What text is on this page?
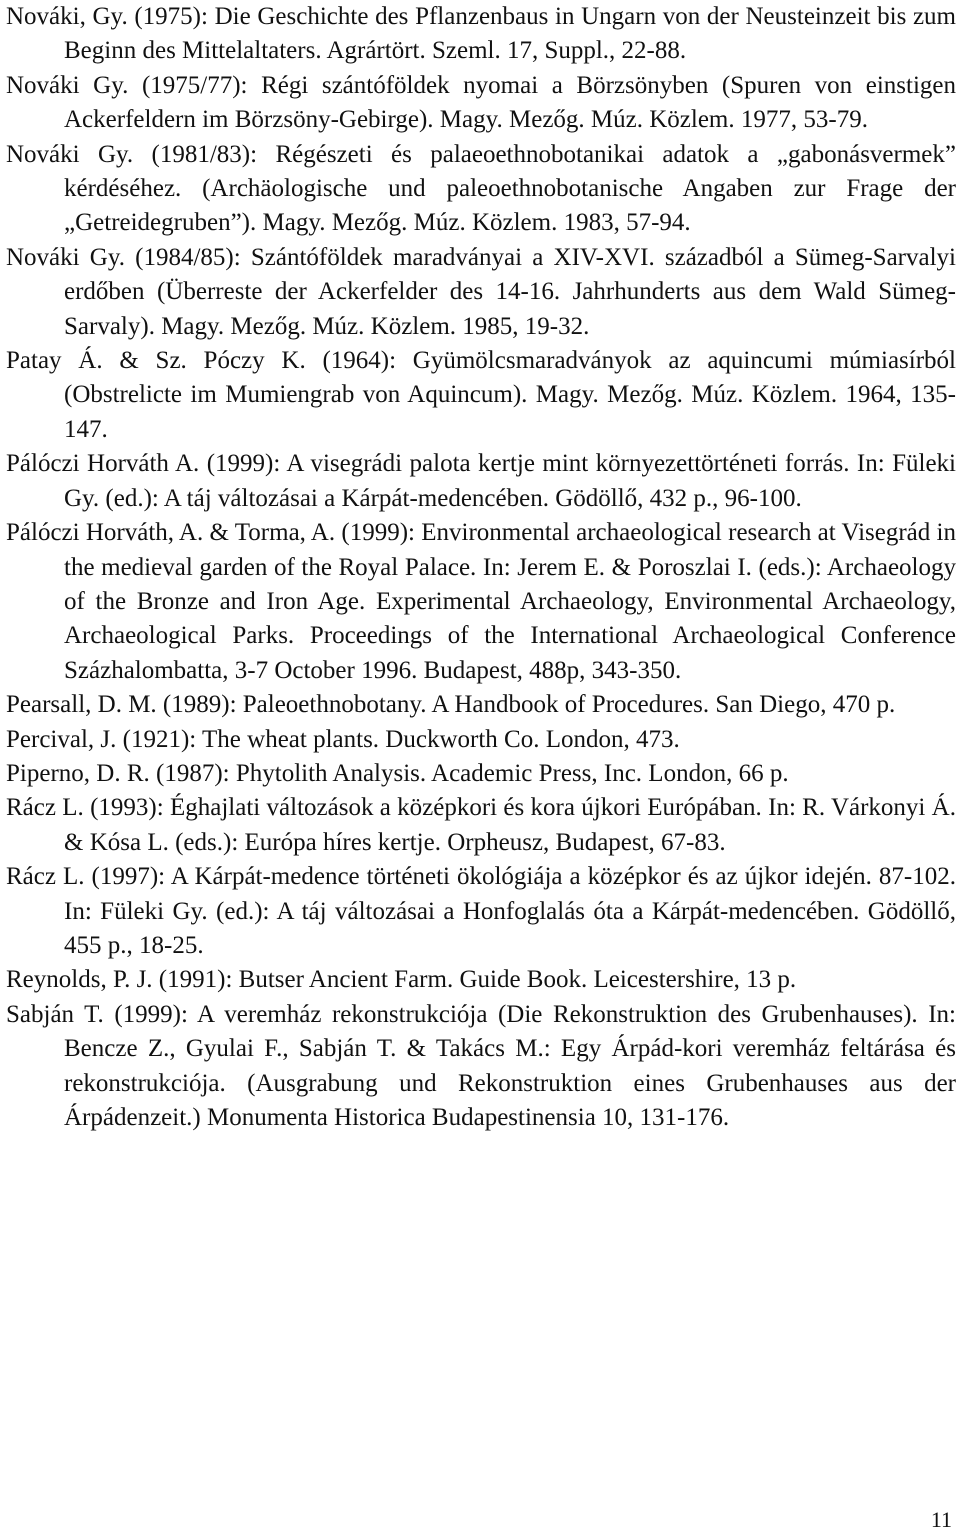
Nováki, Gy. (1975): Die Geschichte des Pflanzenbaus in Ungarn von der Neusteinzeit bis zum Beginn des Mittelaltaters. Agrártört. Szeml. 17, Suppl., 22-88.

Nováki Gy. (1975/77): Régi szántóföldek nyomai a Börzsönyben (Spuren von einstigen Ackerfeldern im Börzsöny-Gebirge). Magy. Mezőg. Múz. Közlem. 1977, 53-79.

Nováki Gy. (1981/83): Régészeti és palaeoethnobotanikai adatok a „gabonásvermek” kérdéséhez. (Archäologische und paleoethnobotanische Angaben zur Frage der „Getreidegruben”). Magy. Mezőg. Múz. Közlem. 1983, 57-94.

Nováki Gy. (1984/85): Szántóföldek maradványai a XIV-XVI. századból a Sümeg-Sarvalyi erdőben (Überreste der Ackerfelder des 14-16. Jahrhunderts aus dem Wald Sümeg-Sarvaly). Magy. Mezőg. Múz. Közlem. 1985, 19-32.

Patay Á. & Sz. Póczy K. (1964): Gyümölcsmaradványok az aquincumi múmiasírból (Obstrelicte im Mumiengrab von Aquincum). Magy. Mezőg. Múz. Közlem. 1964, 135-147.

Pálóczi Horváth A. (1999): A visegrádi palota kertje mint környezettörténeti forrás. In: Füleki Gy. (ed.): A táj változásai a Kárpát-medencében. Gödöllő, 432 p., 96-100.

Pálóczi Horváth, A. & Torma, A. (1999): Environmental archaeological research at Visegrád in the medieval garden of the Royal Palace. In: Jerem E. & Poroszlai I. (eds.): Archaeology of the Bronze and Iron Age. Experimental Archaeology, Environmental Archaeology, Archaeological Parks. Proceedings of the International Archaeological Conference Százhalombatta, 3-7 October 1996. Budapest, 488p, 343-350.

Pearsall, D. M. (1989): Paleoethnobotany. A Handbook of Procedures. San Diego, 470 p.

Percival, J. (1921): The wheat plants. Duckworth Co. London, 473.

Piperno, D. R. (1987): Phytolith Analysis. Academic Press, Inc. London, 66 p.

Rácz L. (1993): Éghajlati változások a középkori és kora újkori Európában. In: R. Várkonyi Á. & Kósa L. (eds.): Európa híres kertje. Orpheusz, Budapest, 67-83.

Rácz L. (1997): A Kárpát-medence történeti ökológiája a középkor és az újkor idején. 87-102. In: Füleki Gy. (ed.): A táj változásai a Honfoglalás óta a Kárpát-medencében. Gödöllő, 455 p., 18-25.

Reynolds, P. J. (1991): Butser Ancient Farm. Guide Book. Leicestershire, 13 p.

Sabján T. (1999): A veremház rekonstrukciója (Die Rekonstruktion des Grubenhauses). In: Bencze Z., Gyulai F., Sabján T. & Takács M.: Egy Árpád-kori veremház feltárása és rekonstrukciója. (Ausgrabung und Rekonstruktion eines Grubenhauses aus der Árpádenzeit.) Monumenta Historica Budapestinensia 10, 131-176.

11
